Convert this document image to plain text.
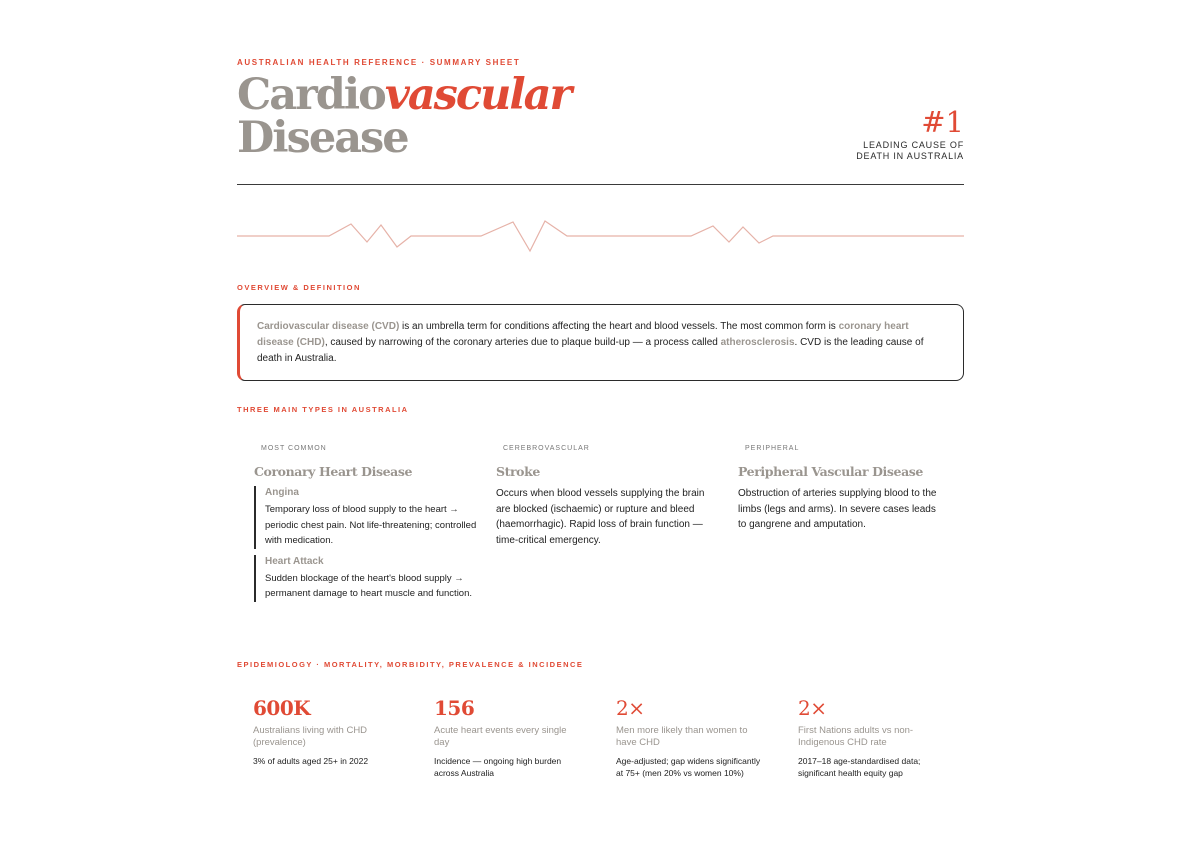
AUSTRALIAN HEALTH REFERENCE · SUMMARY SHEET
Cardiovascular
Disease	#1
LEADING CAUSE OF
DEATH IN AUSTRALIA
OVERVIEW & DEFINITION
Cardiovascular disease (CVD) is an umbrella term for conditions affecting the heart and blood vessels. The most common form is coronary heart disease (CHD), caused by narrowing of the coronary arteries due to plaque build-up — a process called atherosclerosis. CVD is the leading cause of death in Australia.
THREE MAIN TYPES IN AUSTRALIA
MOST COMMON
Coronary Heart Disease
Angina
Temporary loss of blood supply to the heart → periodic chest pain. Not life-threatening; controlled with medication.
Heart Attack
Sudden blockage of the heart's blood supply → permanent damage to heart muscle and function.
CEREBROVASCULAR
Stroke
Occurs when blood vessels supplying the brain are blocked (ischaemic) or rupture and bleed (haemorrhagic). Rapid loss of brain function — time-critical emergency.
PERIPHERAL
Peripheral Vascular Disease
Obstruction of arteries supplying blood to the limbs (legs and arms). In severe cases leads to gangrene and amputation.
EPIDEMIOLOGY · MORTALITY, MORBIDITY, PREVALENCE & INCIDENCE
600K
Australians living with CHD (prevalence)
3% of adults aged 25+ in 2022
156
Acute heart events every single day
Incidence — ongoing high burden across Australia
2×
Men more likely than women to have CHD
Age-adjusted; gap widens significantly at 75+ (men 20% vs women 10%)
2×
First Nations adults vs non-Indigenous CHD rate
2017–18 age-standardised data; significant health equity gap
